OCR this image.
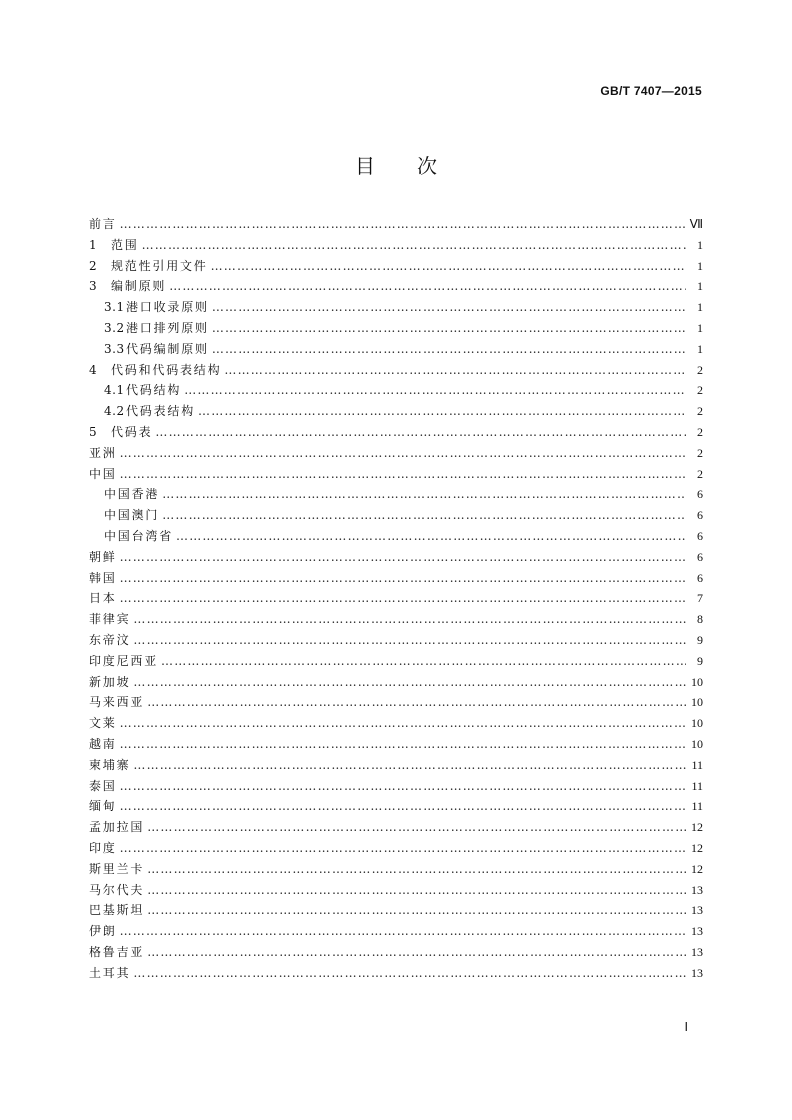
GB/T 7407—2015
目 次
前言 ……………………………………………………………………………………………………………………………………………………………………………………………………	Ⅶ
1	范围 ……………………………………………………………………………………………………………………………………………………………………………………………………	1
2	规范性引用文件 ……………………………………………………………………………………………………………………………………………………………………………………………………	1
3	编制原则 ……………………………………………………………………………………………………………………………………………………………………………………………………	1
3.1 港口收录原则 ……………………………………………………………………………………………………………………………………………………………………………………………………	1
3.2 港口排列原则 ……………………………………………………………………………………………………………………………………………………………………………………………………	1
3.3 代码编制原则 ……………………………………………………………………………………………………………………………………………………………………………………………………	1
4	代码和代码表结构 ……………………………………………………………………………………………………………………………………………………………………………………………………	2
4.1 代码结构 ……………………………………………………………………………………………………………………………………………………………………………………………………	2
4.2 代码表结构 ……………………………………………………………………………………………………………………………………………………………………………………………………	2
5	代码表 ……………………………………………………………………………………………………………………………………………………………………………………………………	2
亚洲 ……………………………………………………………………………………………………………………………………………………………………………………………………	2
中国 ……………………………………………………………………………………………………………………………………………………………………………………………………	2
中国香港 ……………………………………………………………………………………………………………………………………………………………………………………………………	6
中国澳门 ……………………………………………………………………………………………………………………………………………………………………………………………………	6
中国台湾省 ……………………………………………………………………………………………………………………………………………………………………………………………………	6
朝鲜 ……………………………………………………………………………………………………………………………………………………………………………………………………	6
韩国 ……………………………………………………………………………………………………………………………………………………………………………………………………	6
日本 ……………………………………………………………………………………………………………………………………………………………………………………………………	7
菲律宾 ……………………………………………………………………………………………………………………………………………………………………………………………………	8
东帝汶 ……………………………………………………………………………………………………………………………………………………………………………………………………	9
印度尼西亚 ……………………………………………………………………………………………………………………………………………………………………………………………………	9
新加坡 ……………………………………………………………………………………………………………………………………………………………………………………………………	10
马来西亚 ……………………………………………………………………………………………………………………………………………………………………………………………………	10
文莱 ……………………………………………………………………………………………………………………………………………………………………………………………………	10
越南 ……………………………………………………………………………………………………………………………………………………………………………………………………	10
柬埔寨 ……………………………………………………………………………………………………………………………………………………………………………………………………	11
泰国 ……………………………………………………………………………………………………………………………………………………………………………………………………	11
缅甸 ……………………………………………………………………………………………………………………………………………………………………………………………………	11
孟加拉国 ……………………………………………………………………………………………………………………………………………………………………………………………………	12
印度 ……………………………………………………………………………………………………………………………………………………………………………………………………	12
斯里兰卡 ……………………………………………………………………………………………………………………………………………………………………………………………………	12
马尔代夫 ……………………………………………………………………………………………………………………………………………………………………………………………………	13
巴基斯坦 ……………………………………………………………………………………………………………………………………………………………………………………………………	13
伊朗 ……………………………………………………………………………………………………………………………………………………………………………………………………	13
格鲁吉亚 ……………………………………………………………………………………………………………………………………………………………………………………………………	13
土耳其 ……………………………………………………………………………………………………………………………………………………………………………………………………	13
Ⅰ
